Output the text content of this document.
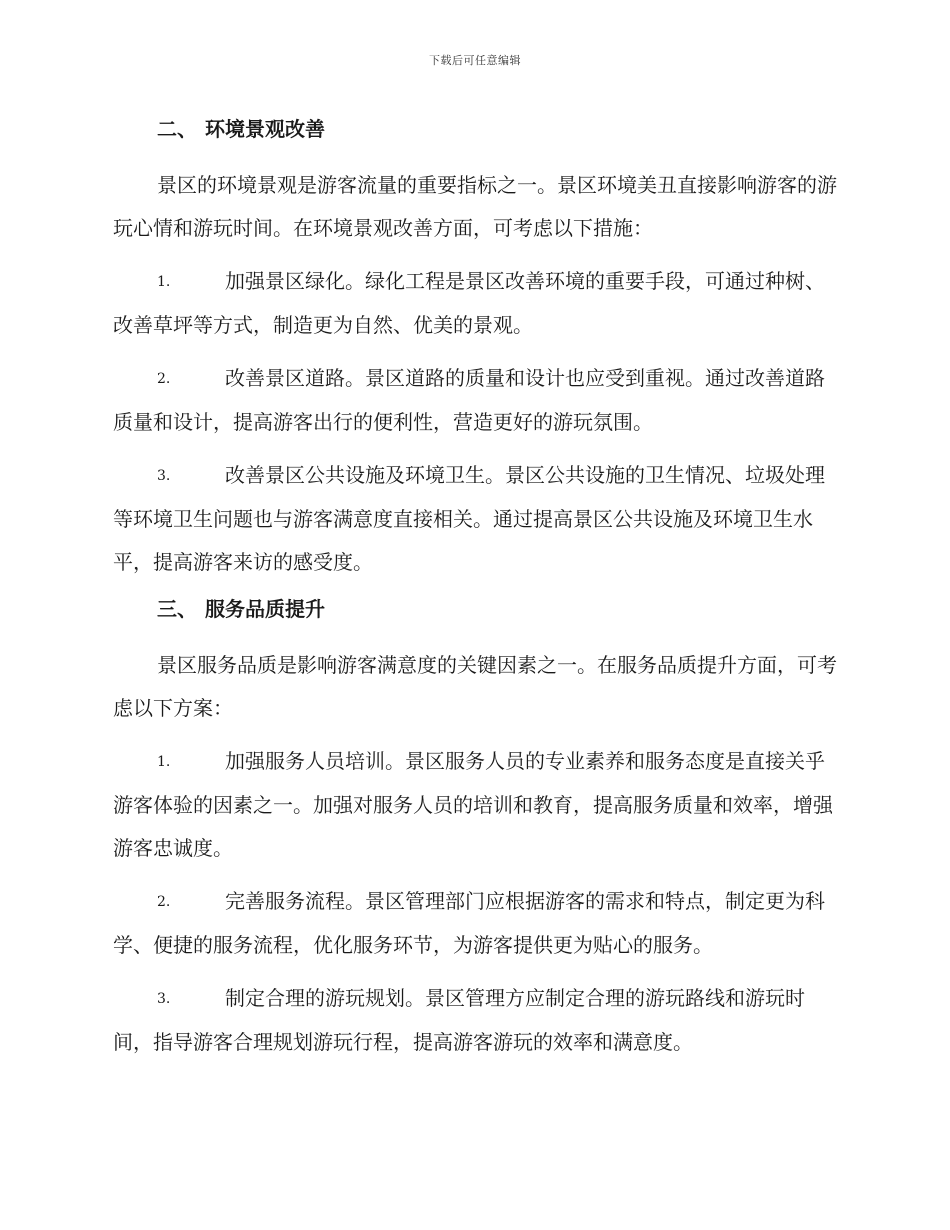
下载后可任意编辑
二、 环境景观改善

景区的环境景观是游客流量的重要指标之一。景区环境美丑直接影响游客的游玩心情和游玩时间。在环境景观改善方面，可考虑以下措施：

1.	加强景区绿化。绿化工程是景区改善环境的重要手段，可通过种树、改善草坪等方式，制造更为自然、优美的景观。

2.	改善景区道路。景区道路的质量和设计也应受到重视。通过改善道路质量和设计，提高游客出行的便利性，营造更好的游玩氛围。

3.	改善景区公共设施及环境卫生。景区公共设施的卫生情况、垃圾处理等环境卫生问题也与游客满意度直接相关。通过提高景区公共设施及环境卫生水平，提高游客来访的感受度。

三、 服务品质提升

景区服务品质是影响游客满意度的关键因素之一。在服务品质提升方面，可考虑以下方案：

1.	加强服务人员培训。景区服务人员的专业素养和服务态度是直接关乎游客体验的因素之一。加强对服务人员的培训和教育，提高服务质量和效率，增强游客忠诚度。

2.	完善服务流程。景区管理部门应根据游客的需求和特点，制定更为科学、便捷的服务流程，优化服务环节，为游客提供更为贴心的服务。

3.	制定合理的游玩规划。景区管理方应制定合理的游玩路线和游玩时间，指导游客合理规划游玩行程，提高游客游玩的效率和满意度。
